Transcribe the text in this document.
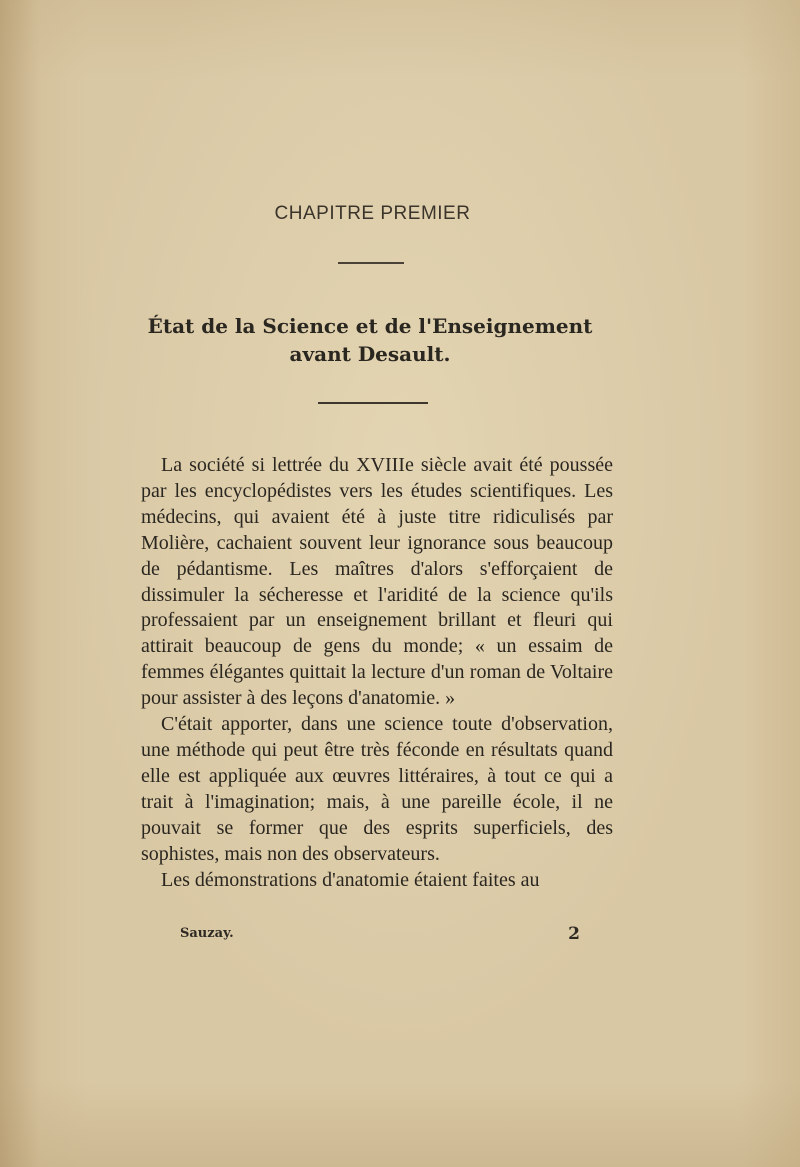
CHAPITRE PREMIER
État de la Science et de l'Enseignement
avant Desault.

La société si lettrée du XVIIIe siècle avait été poussée par les encyclopédistes vers les études scientifiques. Les médecins, qui avaient été à juste titre ridiculisés par Molière, cachaient souvent leur ignorance sous beaucoup de pédantisme. Les maîtres d'alors s'efforçaient de dissimuler la sécheresse et l'aridité de la science qu'ils professaient par un enseignement brillant et fleuri qui attirait beaucoup de gens du monde; « un essaim de femmes élégantes quittait la lecture d'un roman de Voltaire pour assister à des leçons d'anatomie. »

C'était apporter, dans une science toute d'observation, une méthode qui peut être très féconde en résultats quand elle est appliquée aux œuvres littéraires, à tout ce qui a trait à l'imagination; mais, à une pareille école, il ne pouvait se former que des esprits superficiels, des sophistes, mais non des observateurs.

Les démonstrations d'anatomie étaient faites au

Sauzay.	2
